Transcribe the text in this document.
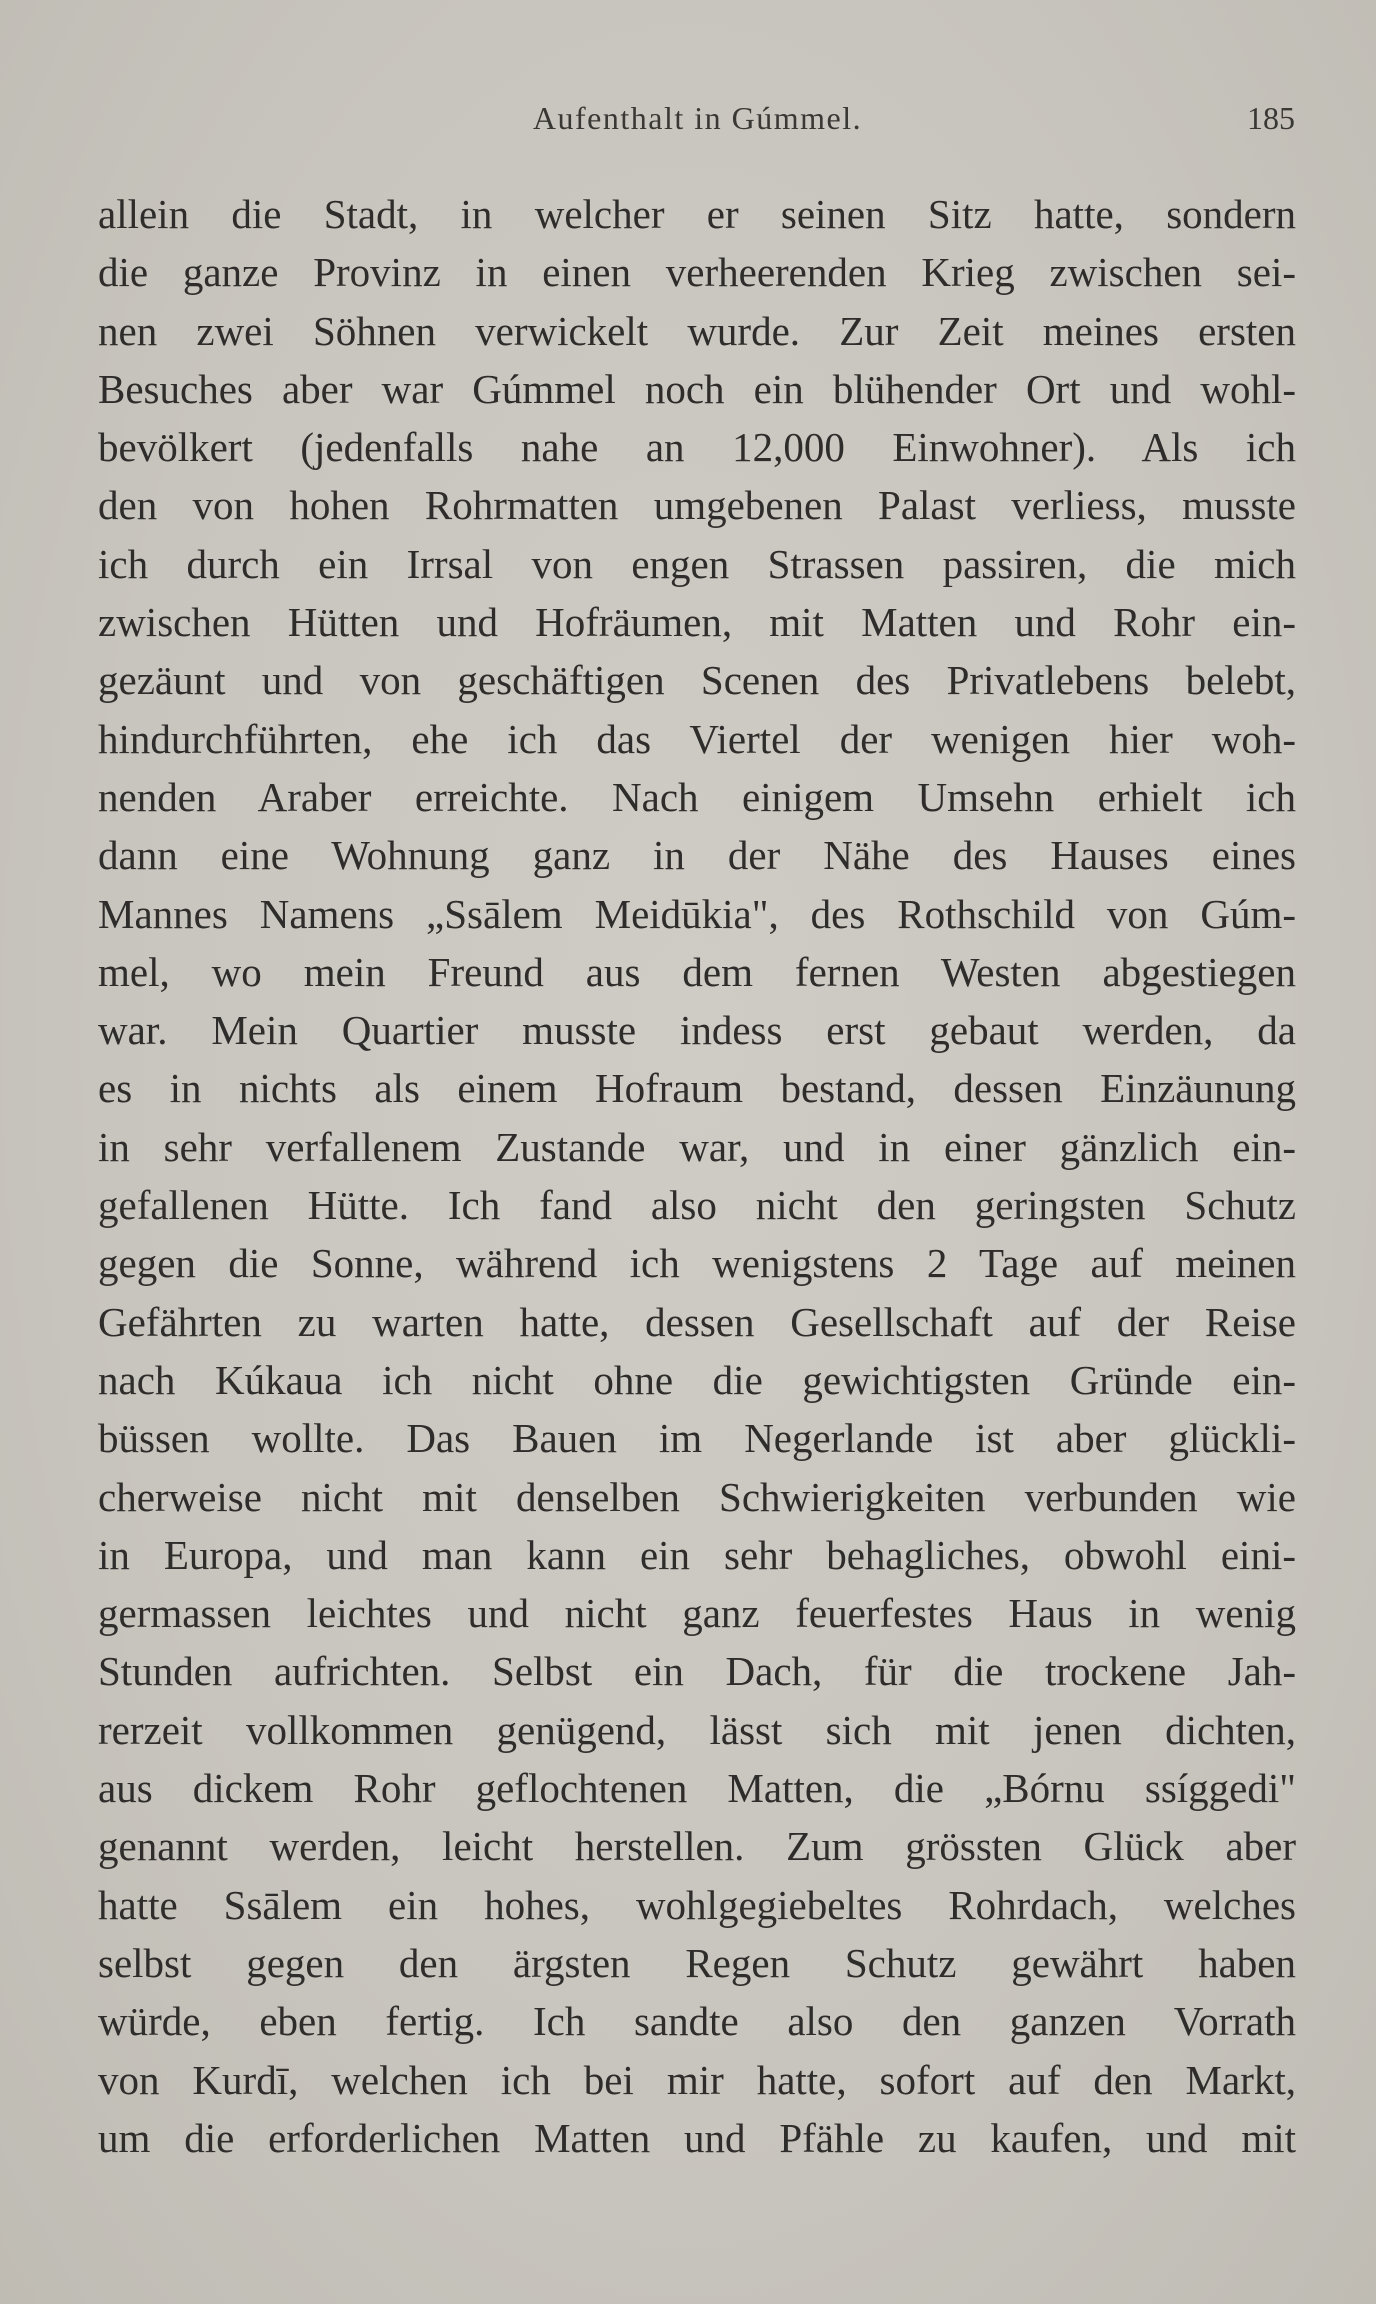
Aufenthalt in Gúmmel.	185
allein die Stadt, in welcher er seinen Sitz hatte, sondern
die ganze Provinz in einen verheerenden Krieg zwischen sei-
nen zwei Söhnen verwickelt wurde. Zur Zeit meines ersten
Besuches aber war Gúmmel noch ein blühender Ort und wohl-
bevölkert (jedenfalls nahe an 12,000 Einwohner). Als ich
den von hohen Rohrmatten umgebenen Palast verliess, musste
ich durch ein Irrsal von engen Strassen passiren, die mich
zwischen Hütten und Hofräumen, mit Matten und Rohr ein-
gezäunt und von geschäftigen Scenen des Privatlebens belebt,
hindurchführten, ehe ich das Viertel der wenigen hier woh-
nenden Araber erreichte. Nach einigem Umsehn erhielt ich
dann eine Wohnung ganz in der Nähe des Hauses eines
Mannes Namens „Ssālem Meidūkia", des Rothschild von Gúm-
mel, wo mein Freund aus dem fernen Westen abgestiegen
war. Mein Quartier musste indess erst gebaut werden, da
es in nichts als einem Hofraum bestand, dessen Einzäunung
in sehr verfallenem Zustande war, und in einer gänzlich ein-
gefallenen Hütte. Ich fand also nicht den geringsten Schutz
gegen die Sonne, während ich wenigstens 2 Tage auf meinen
Gefährten zu warten hatte, dessen Gesellschaft auf der Reise
nach Kúkaua ich nicht ohne die gewichtigsten Gründe ein-
büssen wollte. Das Bauen im Negerlande ist aber glückli-
cherweise nicht mit denselben Schwierigkeiten verbunden wie
in Europa, und man kann ein sehr behagliches, obwohl eini-
germassen leichtes und nicht ganz feuerfestes Haus in wenig
Stunden aufrichten. Selbst ein Dach, für die trockene Jah-
rerzeit vollkommen genügend, lässt sich mit jenen dichten,
aus dickem Rohr geflochtenen Matten, die „Bórnu ssíggedi"
genannt werden, leicht herstellen. Zum grössten Glück aber
hatte Ssālem ein hohes, wohlgegiebeltes Rohrdach, welches
selbst gegen den ärgsten Regen Schutz gewährt haben
würde, eben fertig. Ich sandte also den ganzen Vorrath
von Kurdī, welchen ich bei mir hatte, sofort auf den Markt,
um die erforderlichen Matten und Pfähle zu kaufen, und mit
